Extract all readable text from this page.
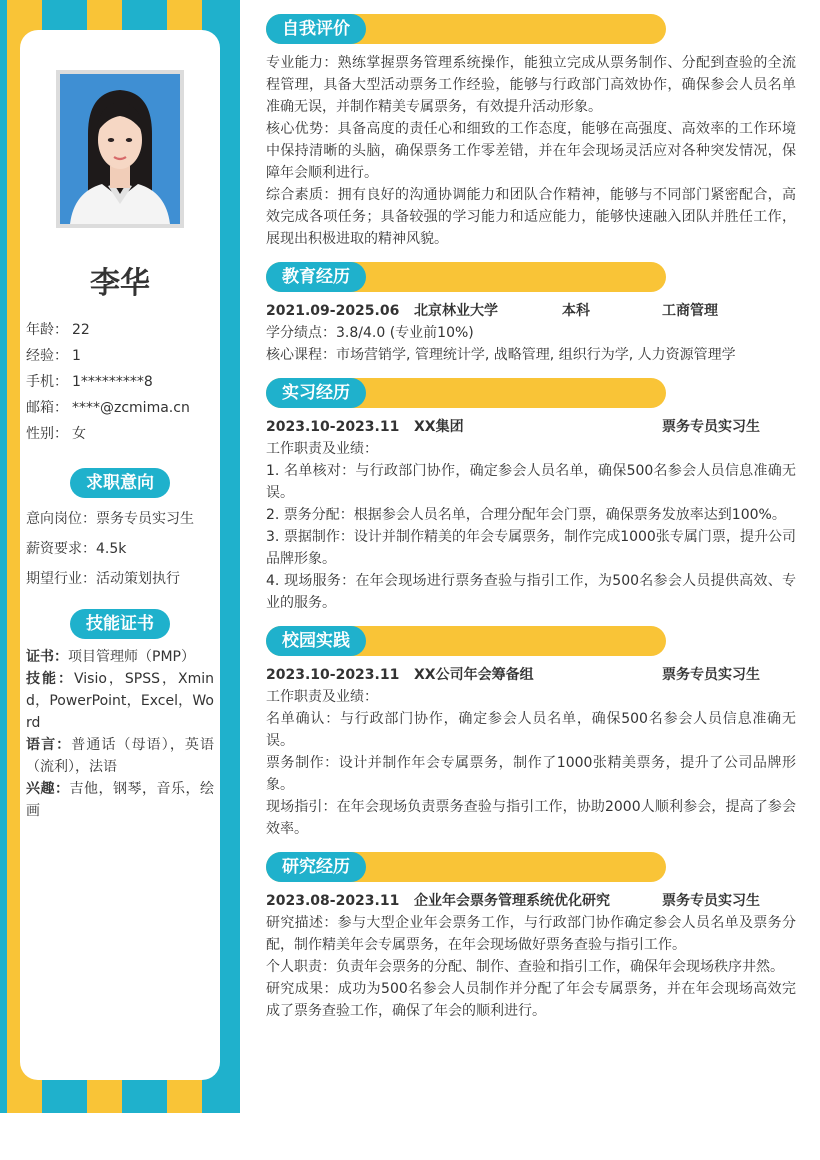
李华
年龄： 22
经验： 1
手机： 1*********8
邮箱： ****@zcmima.cn
性别： 女
求职意向
意向岗位：票务专员实习生
薪资要求：4.5k
期望行业：活动策划执行
技能证书
证书：项目管理师（PMP）
技能：Visio，SPSS，Xmind，PowerPoint，Excel，Word
语言：普通话（母语），英语（流利），法语
兴趣：吉他，钢琴，音乐，绘画
自我评价
专业能力：熟练掌握票务管理系统操作，能独立完成从票务制作、分配到查验的全流程管理，具备大型活动票务工作经验，能够与行政部门高效协作，确保参会人员名单准确无误，并制作精美专属票务，有效提升活动形象。
核心优势：具备高度的责任心和细致的工作态度，能够在高强度、高效率的工作环境中保持清晰的头脑，确保票务工作零差错，并在年会现场灵活应对各种突发情况，保障年会顺利进行。
综合素质：拥有良好的沟通协调能力和团队合作精神，能够与不同部门紧密配合，高效完成各项任务；具备较强的学习能力和适应能力，能够快速融入团队并胜任工作，展现出积极进取的精神风貌。
教育经历
2021.09-2025.06	北京林业大学	本科	工商管理
学分绩点：3.8/4.0 (专业前10%)
核心课程：市场营销学, 管理统计学, 战略管理, 组织行为学, 人力资源管理学
实习经历
2023.10-2023.11	XX集团	票务专员实习生
工作职责及业绩：
1. 名单核对：与行政部门协作，确定参会人员名单，确保500名参会人员信息准确无误。
2. 票务分配：根据参会人员名单，合理分配年会门票，确保票务发放率达到100%。
3. 票据制作：设计并制作精美的年会专属票务，制作完成1000张专属门票，提升公司品牌形象。
4. 现场服务：在年会现场进行票务查验与指引工作，为500名参会人员提供高效、专业的服务。
校园实践
2023.10-2023.11	XX公司年会筹备组	票务专员实习生
工作职责及业绩：
名单确认：与行政部门协作，确定参会人员名单，确保500名参会人员信息准确无误。
票务制作：设计并制作年会专属票务，制作了1000张精美票务，提升了公司品牌形象。
现场指引：在年会现场负责票务查验与指引工作，协助2000人顺利参会，提高了参会效率。
研究经历
2023.08-2023.11	企业年会票务管理系统优化研究	票务专员实习生
研究描述：参与大型企业年会票务工作，与行政部门协作确定参会人员名单及票务分配，制作精美年会专属票务，在年会现场做好票务查验与指引工作。
个人职责：负责年会票务的分配、制作、查验和指引工作，确保年会现场秩序井然。
研究成果：成功为500名参会人员制作并分配了年会专属票务，并在年会现场高效完成了票务查验工作，确保了年会的顺利进行。
